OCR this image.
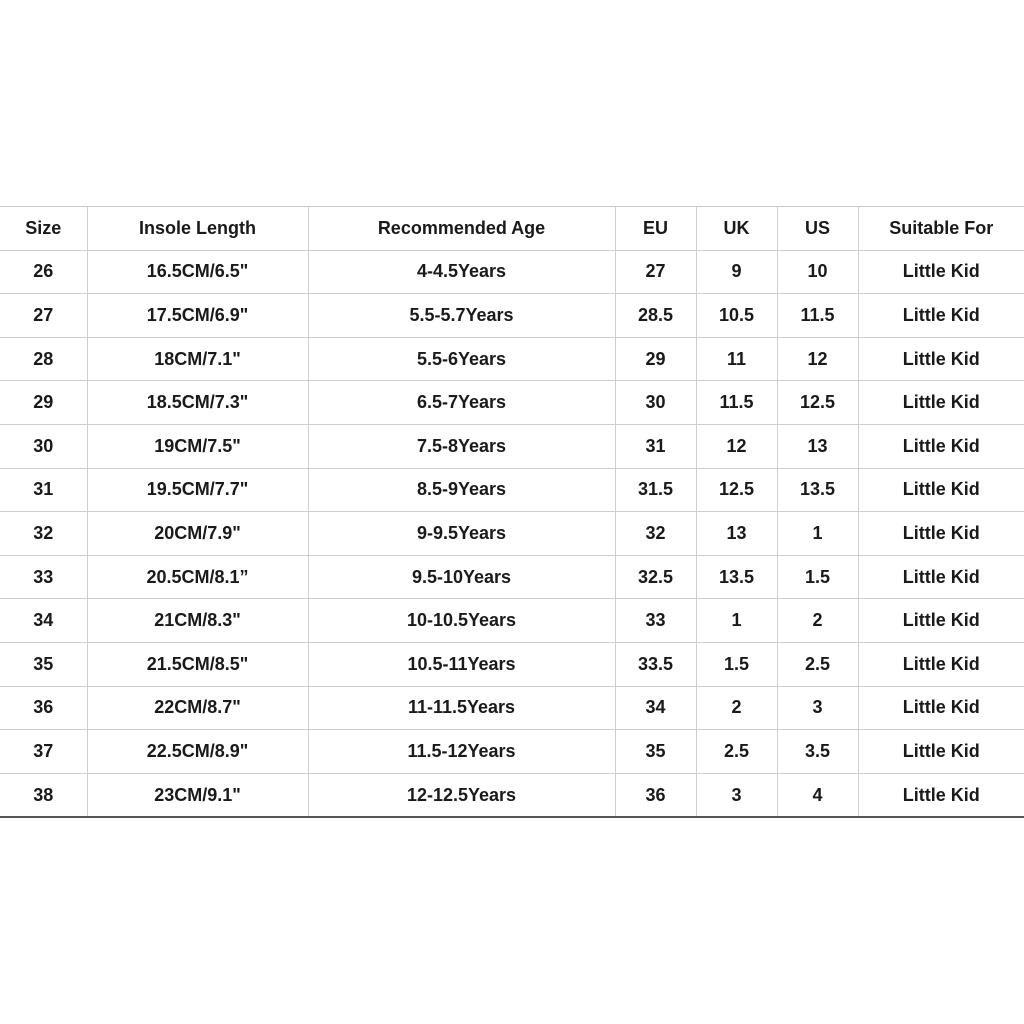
Size	Insole Length	Recommended Age	EU	UK	US	Suitable For
26	16.5CM/6.5"	4-4.5Years	27	9	10	Little Kid
27	17.5CM/6.9"	5.5-5.7Years	28.5	10.5	11.5	Little Kid
28	18CM/7.1"	5.5-6Years	29	11	12	Little Kid
29	18.5CM/7.3"	6.5-7Years	30	11.5	12.5	Little Kid
30	19CM/7.5"	7.5-8Years	31	12	13	Little Kid
31	19.5CM/7.7"	8.5-9Years	31.5	12.5	13.5	Little Kid
32	20CM/7.9"	9-9.5Years	32	13	1	Little Kid
33	20.5CM/8.1”	9.5-10Years	32.5	13.5	1.5	Little Kid
34	21CM/8.3"	10-10.5Years	33	1	2	Little Kid
35	21.5CM/8.5"	10.5-11Years	33.5	1.5	2.5	Little Kid
36	22CM/8.7"	11-11.5Years	34	2	3	Little Kid
37	22.5CM/8.9"	11.5-12Years	35	2.5	3.5	Little Kid
38	23CM/9.1"	12-12.5Years	36	3	4	Little Kid
